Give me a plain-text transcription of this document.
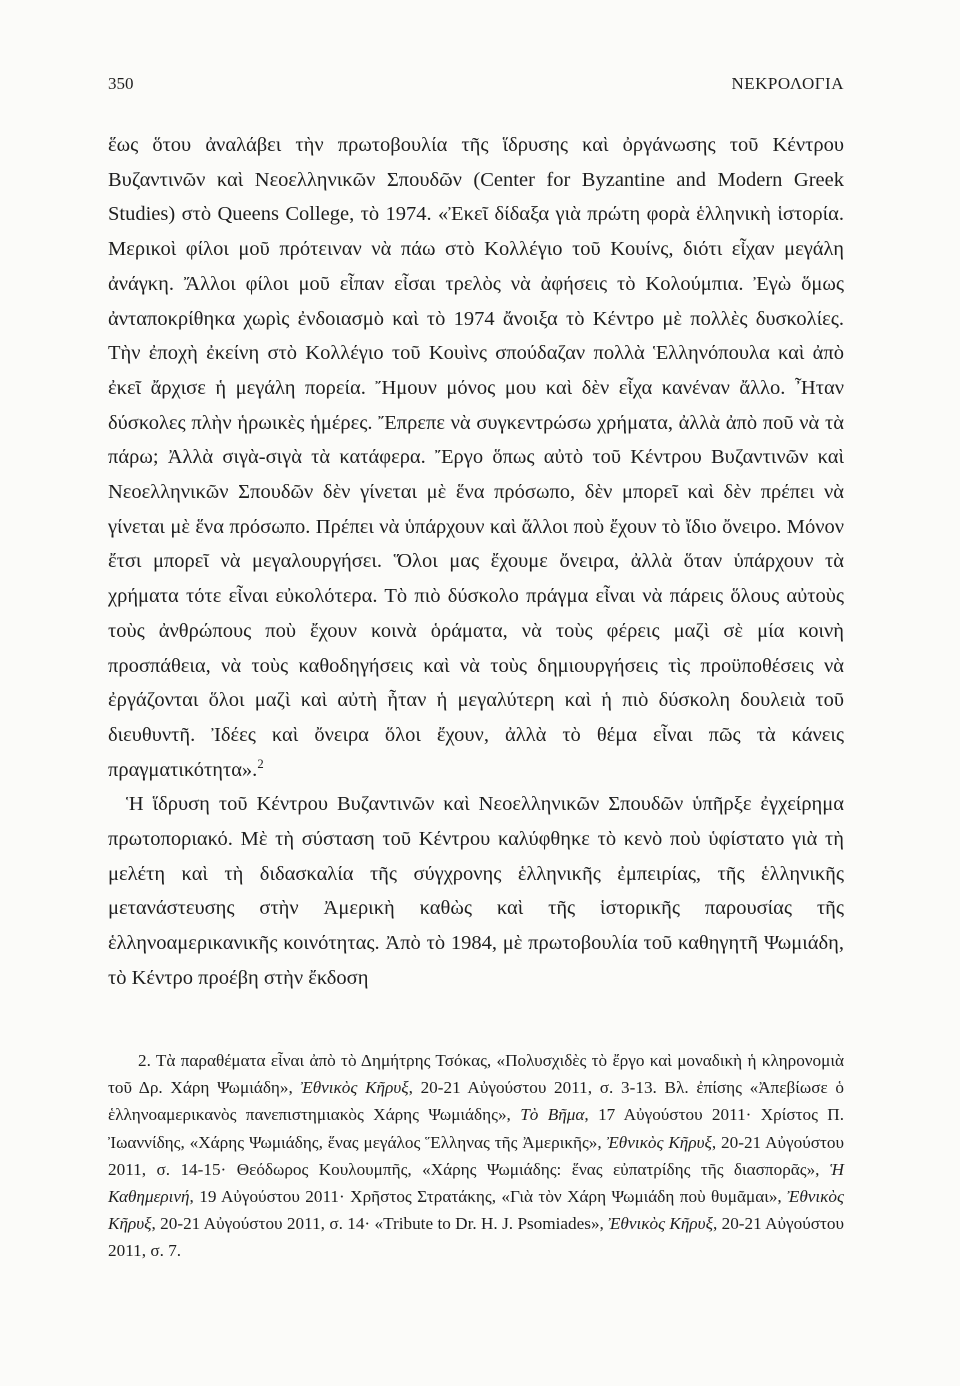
350	ΝΕΚΡΟΛΟΓΙΑ

ἕως ὅτου ἀναλάβει τὴν πρωτοβουλία τῆς ἵδρυσης καὶ ὀργάνωσης τοῦ Κέντρου Βυζαντινῶν καὶ Νεοελληνικῶν Σπουδῶν (Center for Byzantine and Modern Greek Studies) στὸ Queens College, τὸ 1974. «Ἐκεῖ δίδαξα γιὰ πρώτη φορὰ ἑλληνικὴ ἱστορία. Μερικοὶ φίλοι μοῦ πρότειναν νὰ πάω στὸ Κολλέγιο τοῦ Κουίνς, διότι εἶχαν μεγάλη ἀνάγκη. Ἄλλοι φίλοι μοῦ εἶπαν εἶσαι τρελὸς νὰ ἀφήσεις τὸ Κολούμπια. Ἐγὼ ὅμως ἀνταποκρίθηκα χωρὶς ἐνδοιασμὸ καὶ τὸ 1974 ἄνοιξα τὸ Κέντρο μὲ πολλὲς δυσκολίες. Τὴν ἐποχὴ ἐκείνη στὸ Κολλέγιο τοῦ Κουὶνς σπούδαζαν πολλὰ Ἑλληνόπουλα καὶ ἀπὸ ἐκεῖ ἄρχισε ἡ μεγάλη πορεία. Ἤμουν μόνος μου καὶ δὲν εἶχα κανέναν ἄλλο. Ἦταν δύσκολες πλὴν ἡρωικὲς ἡμέρες. Ἔπρεπε νὰ συγκεντρώσω χρήματα, ἀλλὰ ἀπὸ ποῦ νὰ τὰ πάρω; Ἀλλὰ σιγὰ-σιγὰ τὰ κατάφερα. Ἔργο ὅπως αὐτὸ τοῦ Κέντρου Βυζαντινῶν καὶ Νεοελληνικῶν Σπουδῶν δὲν γίνεται μὲ ἕνα πρόσωπο, δὲν μπορεῖ καὶ δὲν πρέπει νὰ γίνεται μὲ ἕνα πρόσωπο. Πρέπει νὰ ὑπάρχουν καὶ ἄλλοι ποὺ ἔχουν τὸ ἴδιο ὄνειρο. Μόνον ἔτσι μπορεῖ νὰ μεγαλουργήσει. Ὅλοι μας ἔχουμε ὄνειρα, ἀλλὰ ὅταν ὑπάρχουν τὰ χρήματα τότε εἶναι εὐκολότερα. Τὸ πιὸ δύσκολο πράγμα εἶναι νὰ πάρεις ὅλους αὐτοὺς τοὺς ἀνθρώπους ποὺ ἔχουν κοινὰ ὁράματα, νὰ τοὺς φέρεις μαζὶ σὲ μία κοινὴ προσπάθεια, νὰ τοὺς καθοδηγήσεις καὶ νὰ τοὺς δημιουργήσεις τὶς προϋποθέσεις νὰ ἐργάζονται ὅλοι μαζὶ καὶ αὐτὴ ἦταν ἡ μεγαλύτερη καὶ ἡ πιὸ δύσκολη δουλειὰ τοῦ διευθυντῆ. Ἰδέες καὶ ὄνειρα ὅλοι ἔχουν, ἀλλὰ τὸ θέμα εἶναι πῶς τὰ κάνεις πραγματικότητα».$^2$

Ἡ ἵδρυση τοῦ Κέντρου Βυζαντινῶν καὶ Νεοελληνικῶν Σπουδῶν ὑπῆρξε ἐγχείρημα πρωτοποριακό. Μὲ τὴ σύσταση τοῦ Κέντρου καλύφθηκε τὸ κενὸ ποὺ ὑφίστατο γιὰ τὴ μελέτη καὶ τὴ διδασκαλία τῆς σύγχρονης ἑλληνικῆς ἐμπειρίας, τῆς ἑλληνικῆς μετανάστευσης στὴν Ἀμερικὴ καθὼς καὶ τῆς ἱστορικῆς παρουσίας τῆς ἑλληνοαμερικανικῆς κοινότητας. Ἀπὸ τὸ 1984, μὲ πρωτοβουλία τοῦ καθηγητῆ Ψωμιάδη, τὸ Κέντρο προέβη στὴν ἔκδοση

2. Τὰ παραθέματα εἶναι ἀπὸ τὸ Δημήτρης Τσόκας, «Πολυσχιδὲς τὸ ἔργο καὶ μοναδικὴ ἡ κληρονομιὰ τοῦ Δρ. Χάρη Ψωμιάδη», Ἐθνικὸς Κῆρυξ, 20-21 Αὐγούστου 2011, σ. 3-13. Βλ. ἐπίσης «Ἀπεβίωσε ὁ ἑλληνοαμερικανὸς πανεπιστημιακὸς Χάρης Ψωμιάδης», Τὸ Βῆμα, 17 Αὐγούστου 2011· Χρίστος Π. Ἰωαννίδης, «Χάρης Ψωμιάδης, ἕνας μεγάλος Ἕλληνας τῆς Ἀμερικῆς», Ἐθνικὸς Κῆρυξ, 20-21 Αὐγούστου 2011, σ. 14-15· Θεόδωρος Κουλουμπῆς, «Χάρης Ψωμιάδης: ἕνας εὐπατρίδης τῆς διασπορᾶς», Ἡ Καθημερινή, 19 Αὐγούστου 2011· Χρῆστος Στρατάκης, «Γιὰ τὸν Χάρη Ψωμιάδη ποὺ θυμᾶμαι», Ἐθνικὸς Κῆρυξ, 20-21 Αὐγούστου 2011, σ. 14· «Tribute to Dr. H. J. Psomiades», Ἐθνικὸς Κῆρυξ, 20-21 Αὐγούστου 2011, σ. 7.
